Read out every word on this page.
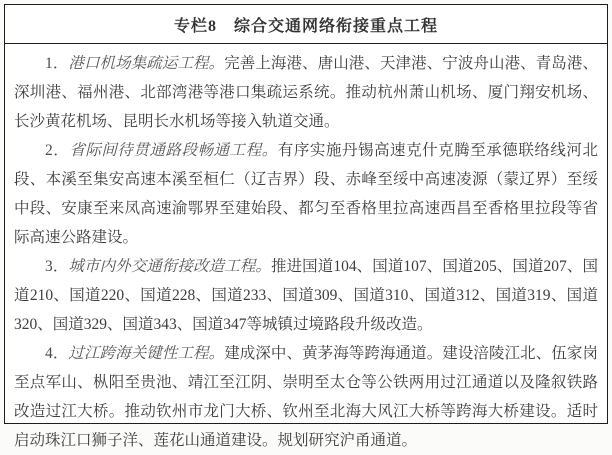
专栏8　综合交通网络衔接重点工程

1．港口机场集疏运工程。完善上海港、唐山港、天津港、宁波舟山港、青岛港、深圳港、福州港、北部湾港等港口集疏运系统。推动杭州萧山机场、厦门翔安机场、长沙黄花机场、昆明长水机场等接入轨道交通。

2．省际间待贯通路段畅通工程。有序实施丹锡高速克什克腾至承德联络线河北段、本溪至集安高速本溪至桓仁（辽吉界）段、赤峰至绥中高速凌源（蒙辽界）至绥中段、安康至来凤高速渝鄂界至建始段、都匀至香格里拉高速西昌至香格里拉段等省际高速公路建设。

3．城市内外交通衔接改造工程。推进国道104、国道107、国道205、国道207、国道210、国道220、国道228、国道233、国道309、国道310、国道312、国道319、国道320、国道329、国道343、国道347等城镇过境路段升级改造。

4．过江跨海关键性工程。建成深中、黄茅海等跨海通道。建设涪陵江北、伍家岗至点军山、枞阳至贵池、靖江至江阴、崇明至太仓等公铁两用过江通道以及隆叙铁路改造过江大桥。推动钦州市龙门大桥、钦州至北海大风江大桥等跨海大桥建设。适时启动珠江口狮子洋、莲花山通道建设。规划研究沪甬通道。
